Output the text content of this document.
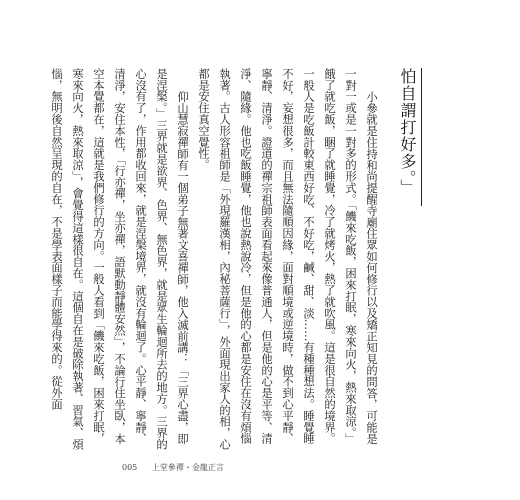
小參就是住持和尚提醒寺廟住眾如何修行以及矯正知見的問答，可能是一對一或是一對多的形式。「饑來吃飯，困來打眠，寒來向火，熱來取涼。」餓了就吃飯，睏了就睡覺，冷了就烤火，熱了就吹風。這是很自然的境界。一般人是吃飯計較東西好吃、不好吃，鹹、甜、淡……有種種想法。睡覺睡不好，妄想很多，而且無法隨順因緣，面對順境或逆境時，做不到心平靜、寧靜、清淨。證道的禪宗祖師表面看起來像普通人，但是他的心是平等、清淨、隨緣。他也吃飯睡覺，他也說熱說冷，但是他的心都是安住在沒有煩惱執著。古人形容祖師是「外現羅漢相，內秘菩薩行」，外面現出家人的相，心都是安住真空覺性。

仰山慧寂禪師有一個弟子無著文喜禪師，他入滅前講：「三界心盡，即是涅槃。」三界就是欲界、色界、無色界，就是眾生輪迴所去的地方。三界的心沒有了，作用都收回來，就是涅槃境界，就沒有輪迴了。心平靜、寧靜、清淨，安住本性，「行亦禪，坐亦禪，語默動靜體安然」，不論行住坐臥，本空本覺都在，這就是我們修行的方向。一般人看到「饑來吃飯，困來打眠，寒來向火，熱來取涼」，會覺得這樣很自在。這個自在是破除執著、習氣、煩惱，無明後自然呈現的自在，不是學表面樣子而能學得來的。從外面	怕自謂打好多。」
005 上堂參禪・金龍正言
